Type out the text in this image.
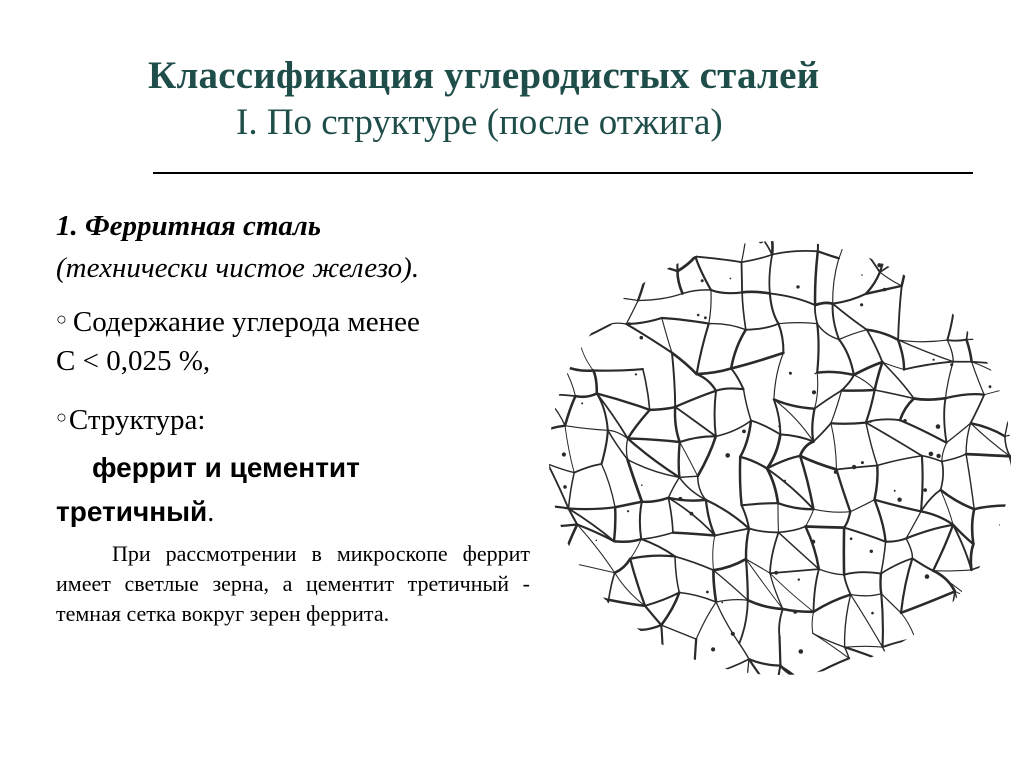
Классификация углеродистых сталей
I. По структуре (после отжига)
1. Ферритная сталь
(технически чистое железо).
○ Содержание углерода менее
С < 0,025 %,
○Структура:
феррит и цементит
третичный.
При рассмотрении в микроскопе феррит имеет светлые зерна, а цементит третичный - темная сетка вокруг зерен феррита.
